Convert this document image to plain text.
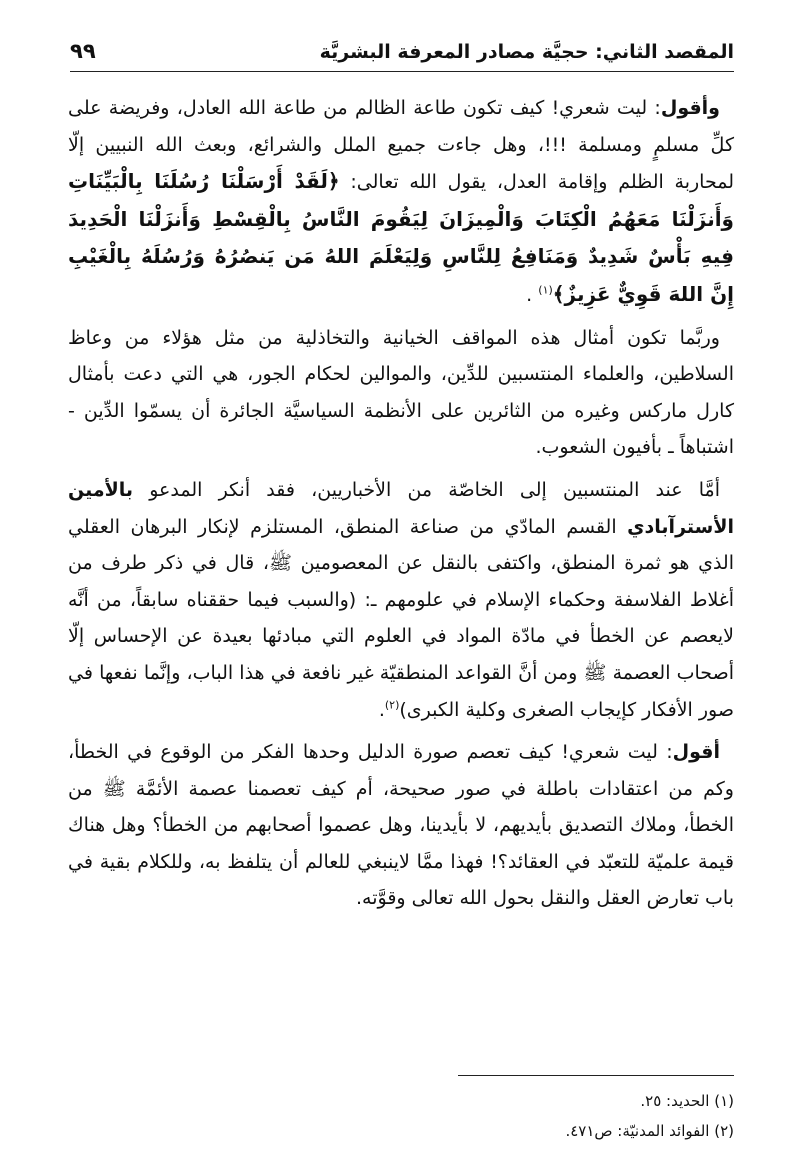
المقصد الثاني: حجيَّة مصادر المعرفة البشريَّة
٩٩

وأقول: ليت شعري! كيف تكون طاعة الظالم من طاعة الله العادل، وفريضة على كلِّ مسلمٍ ومسلمة !!!، وهل جاءت جميع الملل والشرائع، وبعث الله النبيين إلّا لمحاربة الظلم وإقامة العدل، يقول الله تعالى: ﴿لَقَدْ أَرْسَلْنَا رُسُلَنَا بِالْبَيِّنَاتِ وَأَنزَلْنَا مَعَهُمُ الْكِتَابَ وَالْمِيزَانَ لِيَقُومَ النَّاسُ بِالْقِسْطِ وَأَنزَلْنَا الْحَدِيدَ فِيهِ بَأْسٌ شَدِيدٌ وَمَنَافِعُ لِلنَّاسِ وَلِيَعْلَمَ اللهُ مَن يَنصُرُهُ وَرُسُلَهُ بِالْغَيْبِ إِنَّ اللهَ قَوِيٌّ عَزِيزٌ﴾$^{(١)}$ .

وربَّما تكون أمثال هذه المواقف الخيانية والتخاذلية من مثل هؤلاء من وعاظ السلاطين، والعلماء المنتسبين للدِّين، والموالين لحكام الجور، هي التي دعت بأمثال كارل ماركس وغيره من الثائرين على الأنظمة السياسيَّة الجائرة أن يسمّوا الدِّين - اشتباهاً ـ بأفيون الشعوب.

أمَّا عند المنتسبين إلى الخاصّة من الأخباريين، فقد أنكر المدعو بالأمين الأسترآبادي القسم المادّي من صناعة المنطق، المستلزم لإنكار البرهان العقلي الذي هو ثمرة المنطق، واكتفى بالنقل عن المعصومين ﷺ، قال في ذكر طرف من أغلاط الفلاسفة وحكماء الإسلام في علومهم ـ: (والسبب فيما حققناه سابقاً، من أنَّه لايعصم عن الخطأ في مادّة المواد في العلوم التي مبادئها بعيدة عن الإحساس إلّا أصحاب العصمة ﷺ ومن أنَّ القواعد المنطقيّة غير نافعة في هذا الباب، وإنَّما نفعها في صور الأفكار كإيجاب الصغرى وكلية الكبرى)$^{(٢)}$.

أقول: ليت شعري! كيف تعصم صورة الدليل وحدها الفكر من الوقوع في الخطأ، وكم من اعتقادات باطلة في صور صحيحة، أم كيف تعصمنا عصمة الأئمَّة ﷺ من الخطأ، وملاك التصديق بأيديهم، لا بأيدينا، وهل عصموا أصحابهم من الخطأ؟ وهل هناك قيمة علميّة للتعبّد في العقائد؟! فهذا ممَّا لاينبغي للعالم أن يتلفظ به، وللكلام بقية في باب تعارض العقل والنقل بحول الله تعالى وقوَّته.

(١) الحديد: ٢٥.

(٢) الفوائد المدنيّة: ص٤٧١.
